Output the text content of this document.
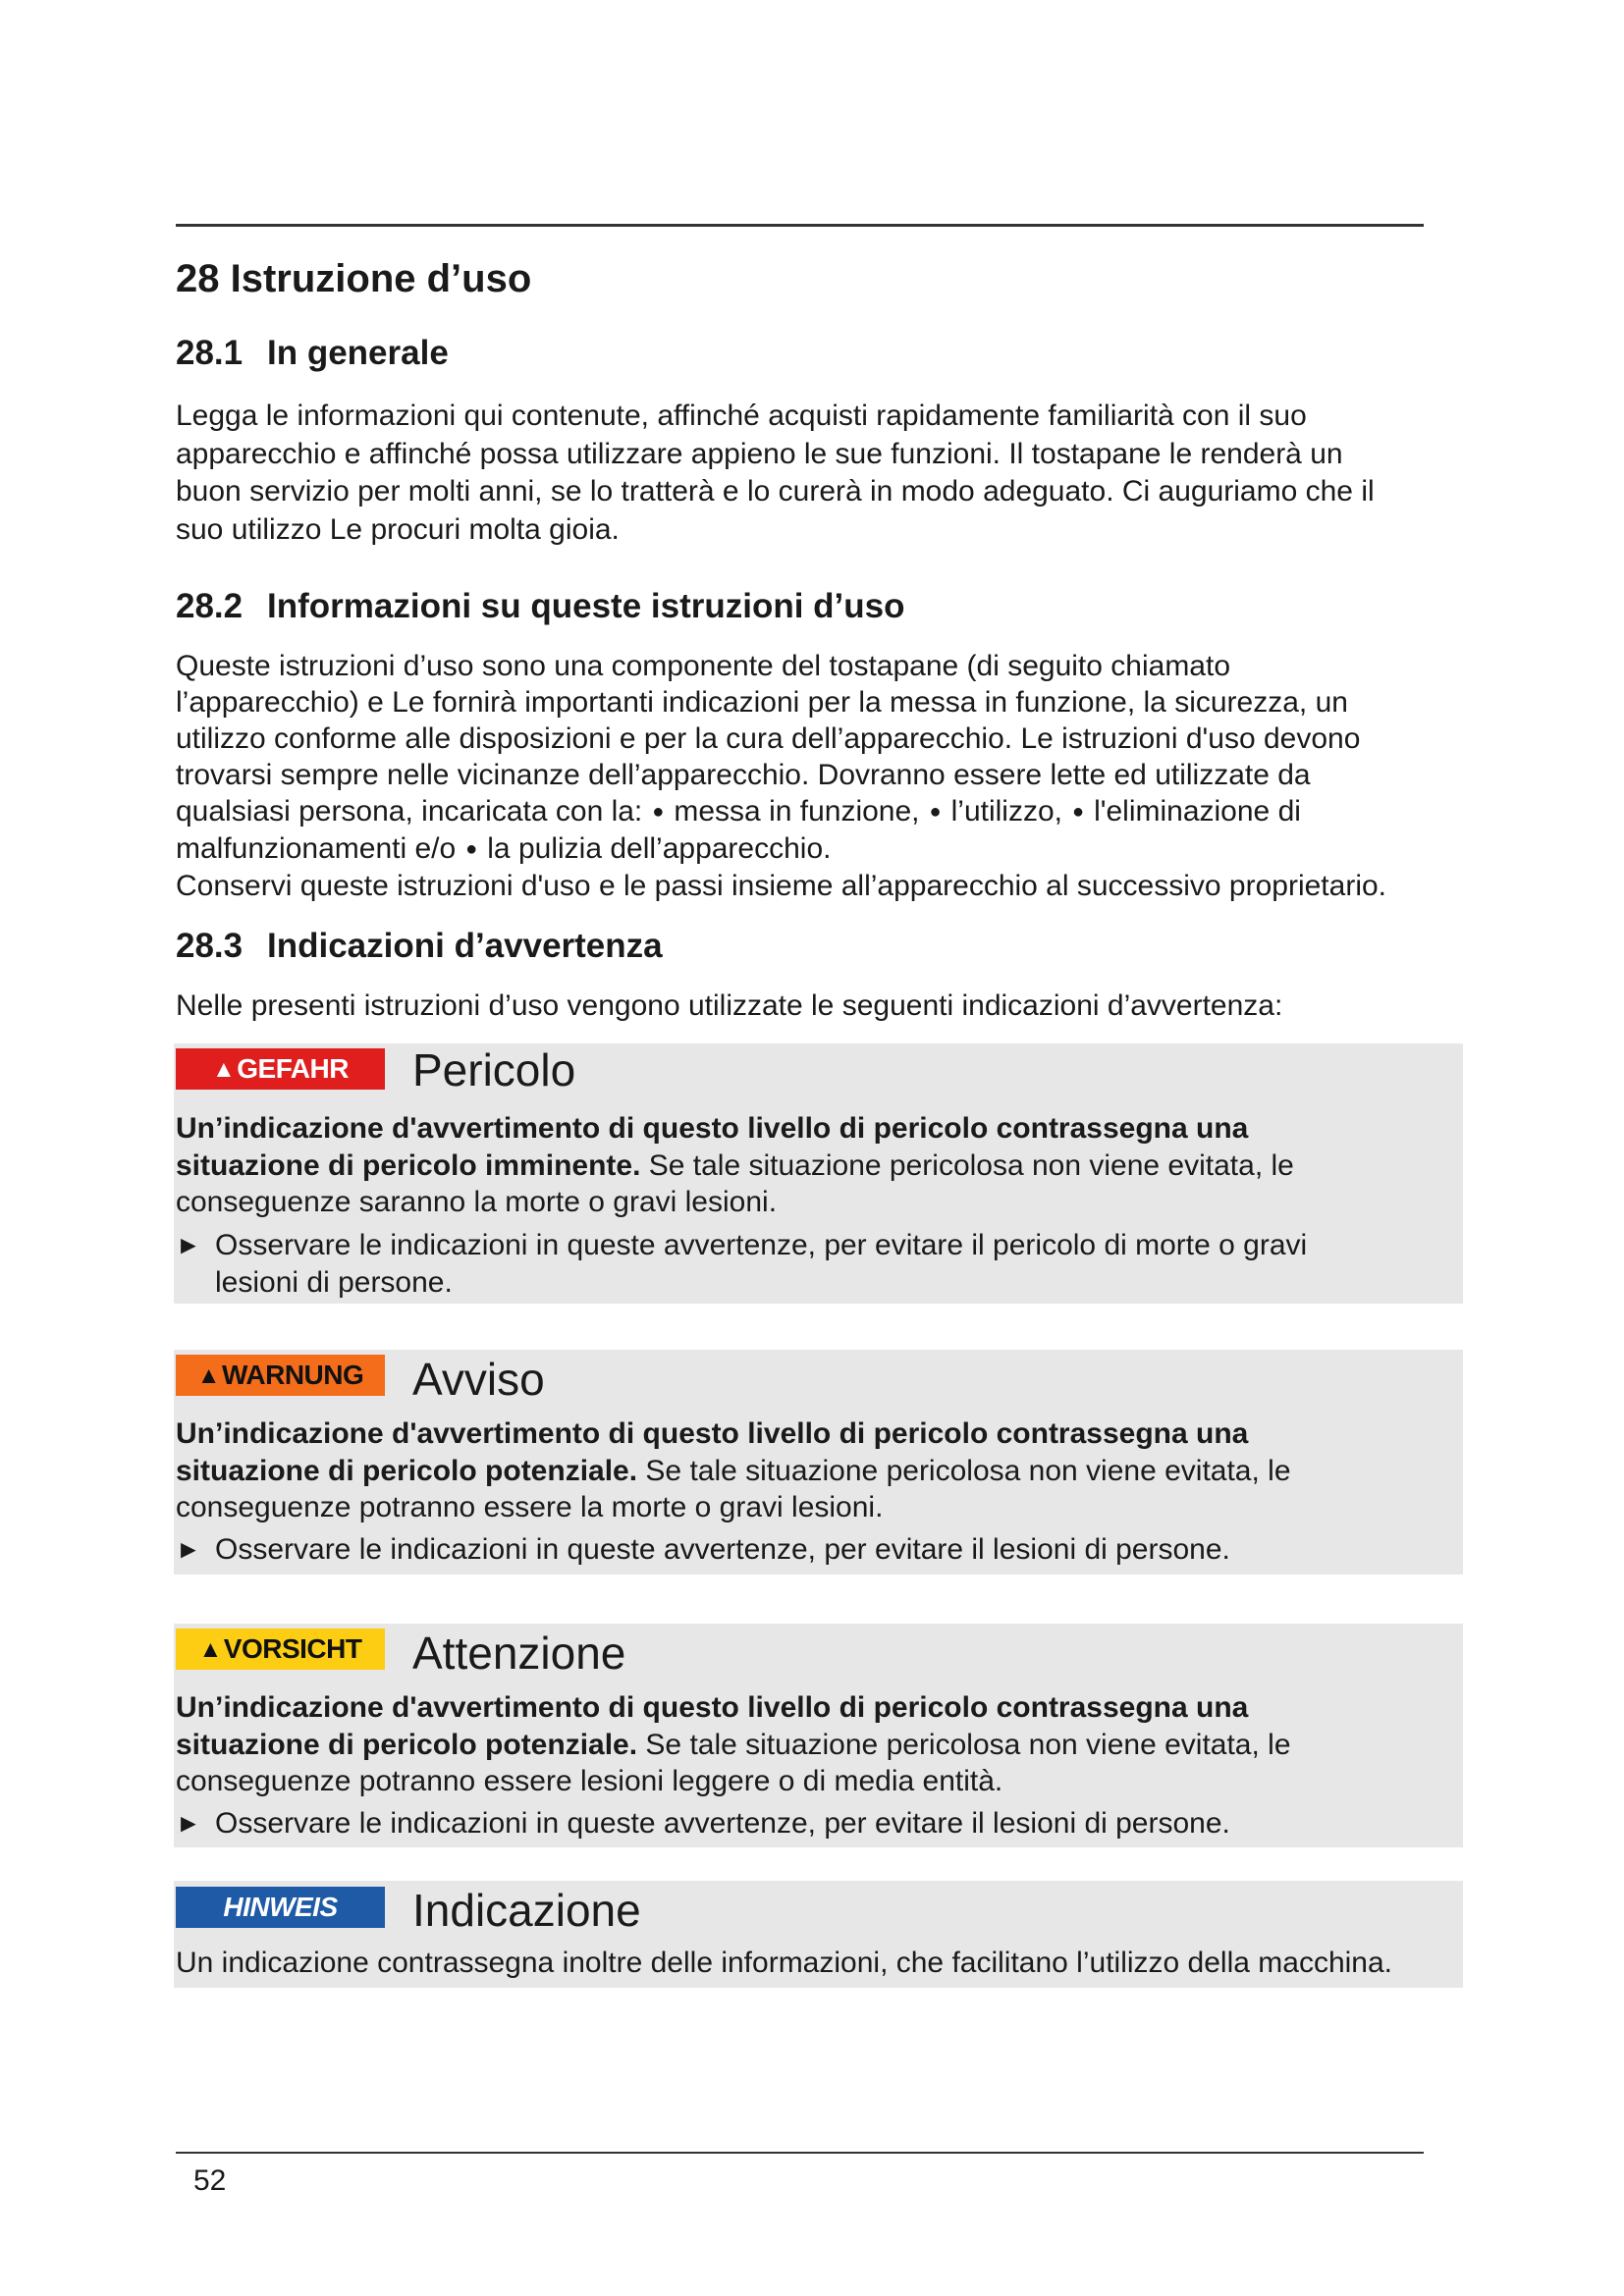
28 Istruzione d’uso
28.1 In generale
Legga le informazioni qui contenute, affinché acquisti rapidamente familiarità con il suo
apparecchio e affinché possa utilizzare appieno le sue funzioni. Il tostapane le renderà un
buon servizio per molti anni, se lo tratterà e lo curerà in modo adeguato. Ci auguriamo che il
suo utilizzo Le procuri molta gioia.
28.2 Informazioni su queste istruzioni d’uso
Queste istruzioni d’uso sono una componente del tostapane (di seguito chiamato
l’apparecchio) e Le fornirà importanti indicazioni per la messa in funzione, la sicurezza, un
utilizzo conforme alle disposizioni e per la cura dell’apparecchio. Le istruzioni d'uso devono
trovarsi sempre nelle vicinanze dell’apparecchio. Dovranno essere lette ed utilizzate da
qualsiasi persona, incaricata con la: ● messa in funzione, ● l’utilizzo, ● l'eliminazione di
malfunzionamenti e/o ● la pulizia dell’apparecchio.
Conservi queste istruzioni d'uso e le passi insieme all’apparecchio al successivo proprietario.
28.3 Indicazioni d’avvertenza
Nelle presenti istruzioni d’uso vengono utilizzate le seguenti indicazioni d’avvertenza:
▲GEFAHR	Pericolo
Un’indicazione d'avvertimento di questo livello di pericolo contrassegna una
situazione di pericolo imminente. Se tale situazione pericolosa non viene evitata, le
conseguenze saranno la morte o gravi lesioni.
► Osservare le indicazioni in queste avvertenze, per evitare il pericolo di morte o gravi
lesioni di persone.
▲WARNUNG	Avviso
Un’indicazione d'avvertimento di questo livello di pericolo contrassegna una
situazione di pericolo potenziale. Se tale situazione pericolosa non viene evitata, le
conseguenze potranno essere la morte o gravi lesioni.
► Osservare le indicazioni in queste avvertenze, per evitare il lesioni di persone.
▲VORSICHT	Attenzione
Un’indicazione d'avvertimento di questo livello di pericolo contrassegna una
situazione di pericolo potenziale. Se tale situazione pericolosa non viene evitata, le
conseguenze potranno essere lesioni leggere o di media entità.
► Osservare le indicazioni in queste avvertenze, per evitare il lesioni di persone.
HINWEIS	Indicazione
Un indicazione contrassegna inoltre delle informazioni, che facilitano l’utilizzo della macchina.
52
